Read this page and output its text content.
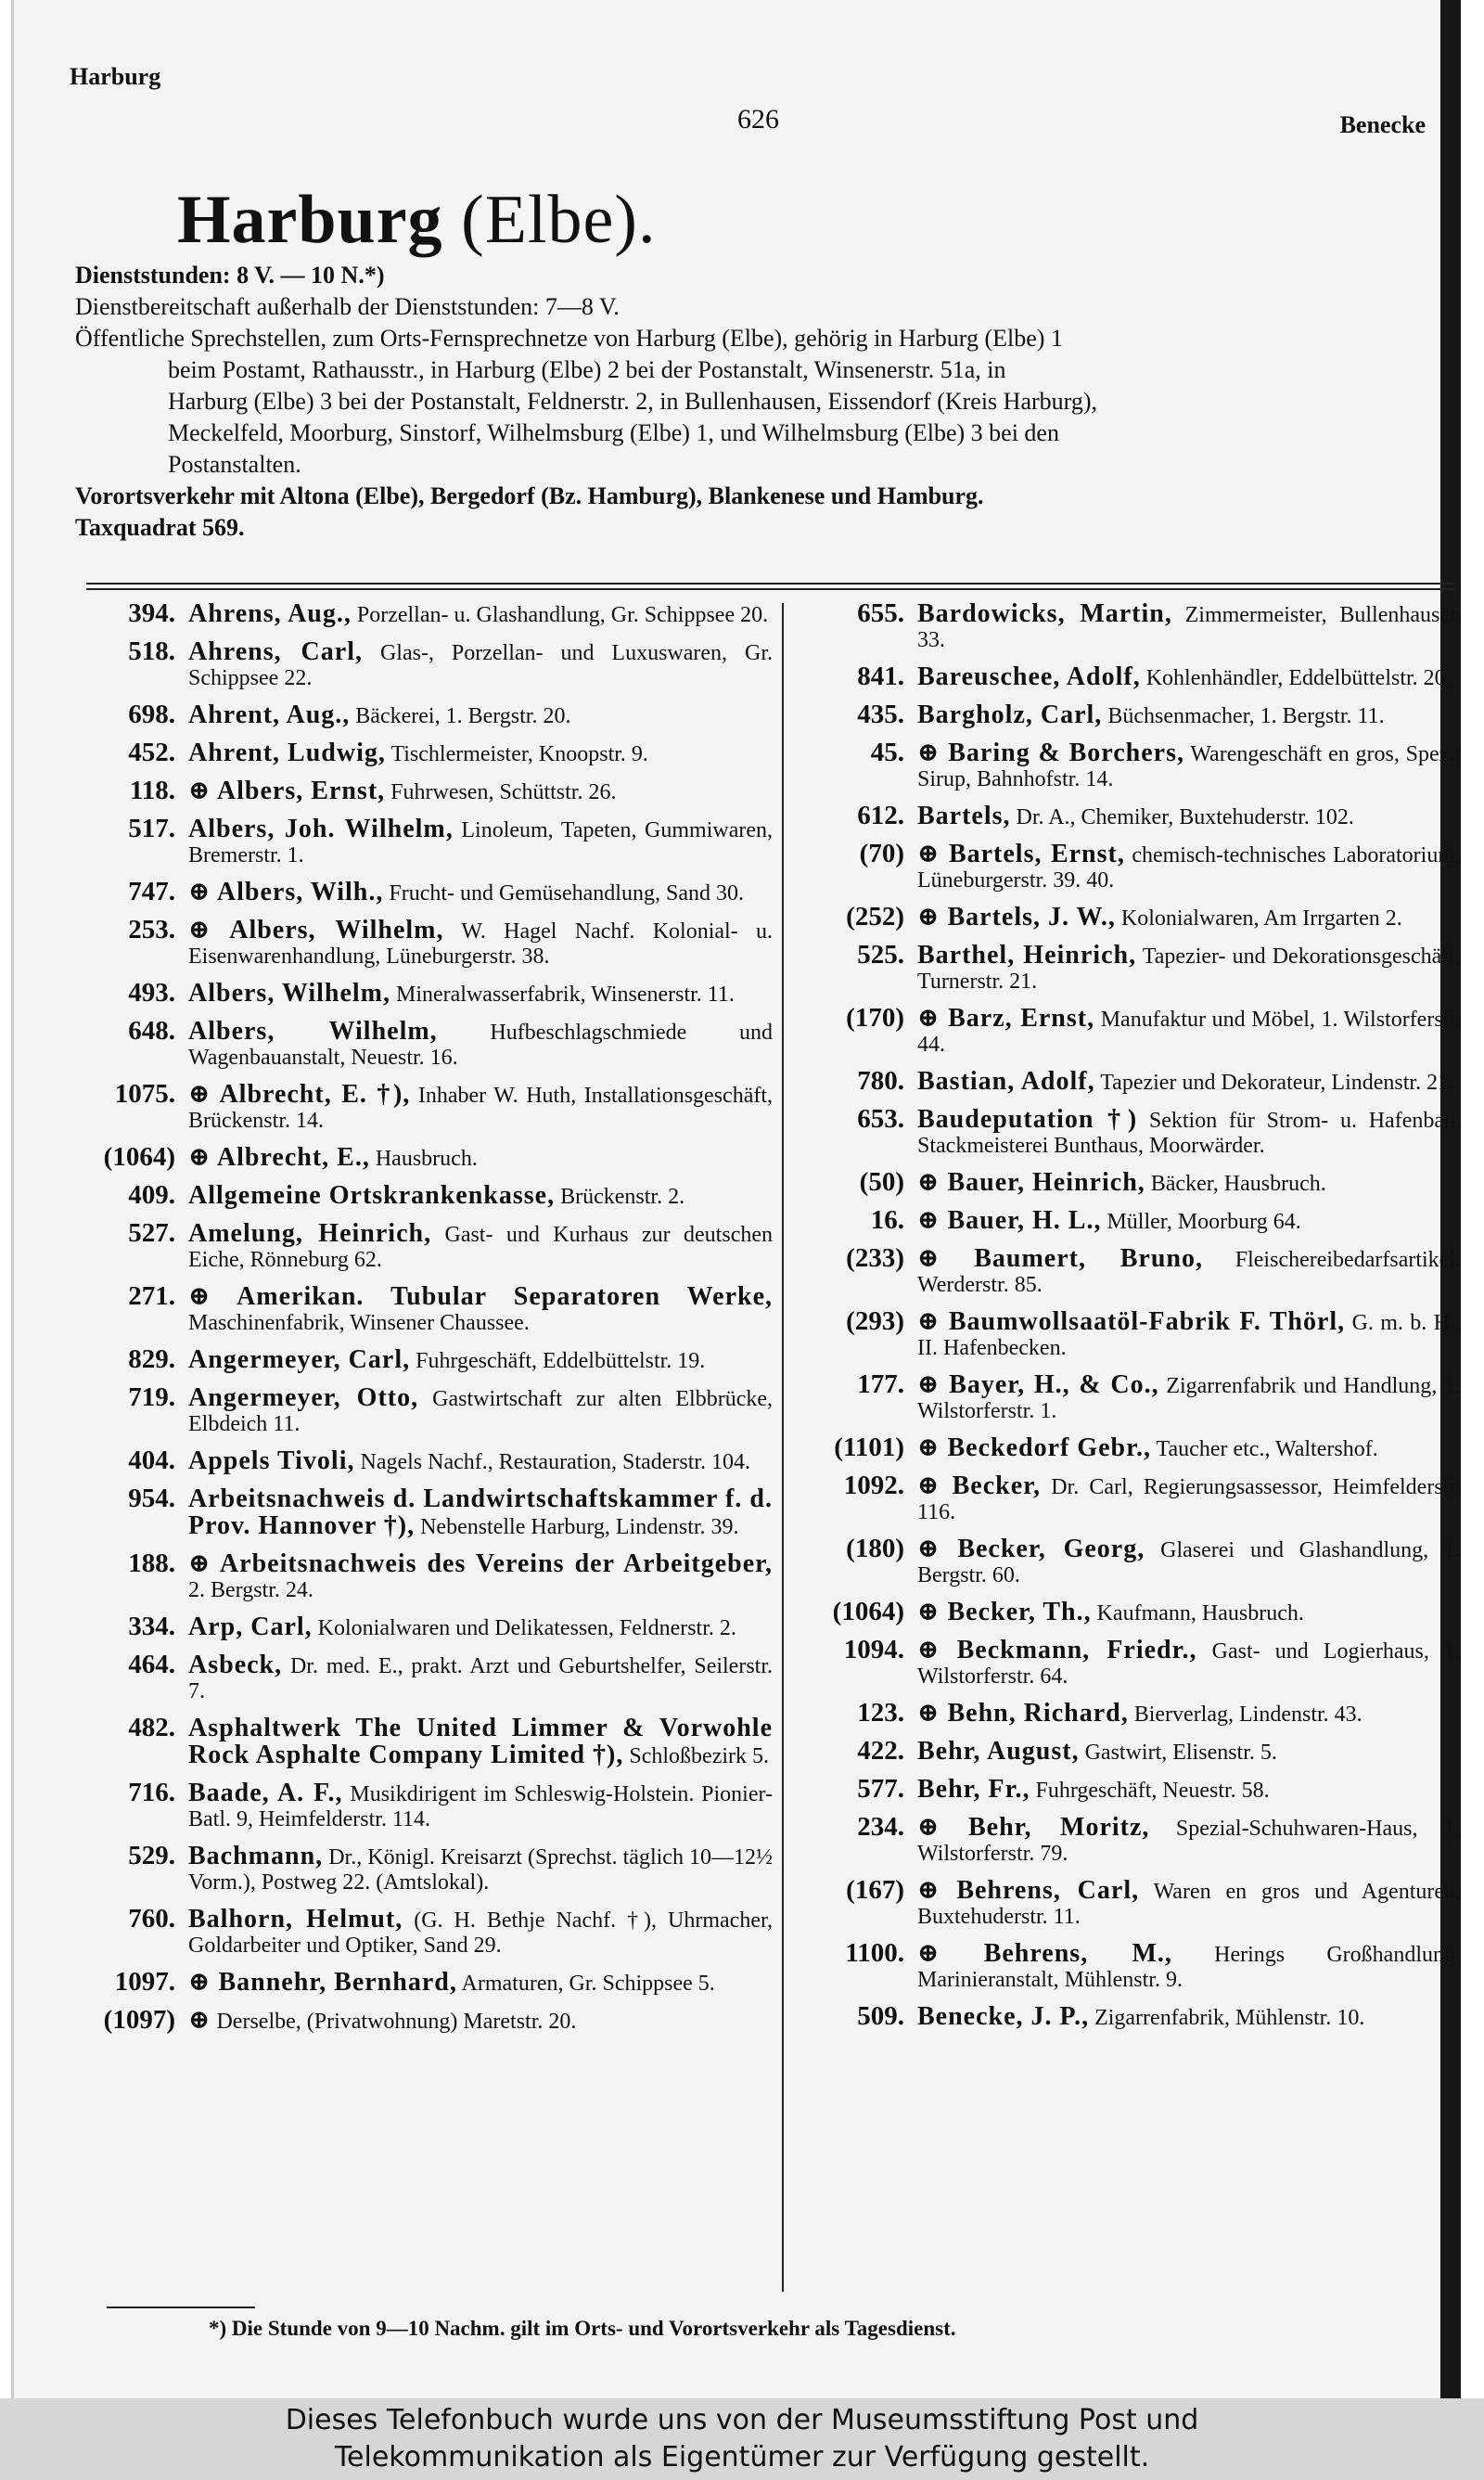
Harburg
626	Benecke
Harburg (Elbe).
Dienststunden: 8 V. — 10 N.*)
Dienstbereitschaft außerhalb der Dienststunden: 7—8 V.
Öffentliche Sprechstellen, zum Orts-Fernsprechnetze von Harburg (Elbe), gehörig in Harburg (Elbe) 1
beim Postamt, Rathausstr., in Harburg (Elbe) 2 bei der Postanstalt, Winsenerstr. 51a, in
Harburg (Elbe) 3 bei der Postanstalt, Feldnerstr. 2, in Bullenhausen, Eissendorf (Kreis Harburg),
Meckelfeld, Moorburg, Sinstorf, Wilhelmsburg (Elbe) 1, und Wilhelmsburg (Elbe) 3 bei den
Postanstalten.
Vorortsverkehr mit Altona (Elbe), Bergedorf (Bz. Hamburg), Blankenese und Hamburg.
Taxquadrat 569.
394. Ahrens, Aug., Porzellan- u. Glashandlung, Gr. Schippsee 20.
518. Ahrens, Carl, Glas-, Porzellan- und Luxuswaren, Gr. Schippsee 22.
698. Ahrent, Aug., Bäckerei, 1. Bergstr. 20.
452. Ahrent, Ludwig, Tischlermeister, Knoopstr. 9.
118. ⊕ Albers, Ernst, Fuhrwesen, Schüttstr. 26.
517. Albers, Joh. Wilhelm, Linoleum, Tapeten, Gummiwaren, Bremerstr. 1.
747. ⊕ Albers, Wilh., Frucht- und Gemüsehandlung, Sand 30.
253. ⊕ Albers, Wilhelm, W. Hagel Nachf. Kolonial- u. Eisenwarenhandlung, Lüneburgerstr. 38.
493. Albers, Wilhelm, Mineralwasserfabrik, Winsenerstr. 11.
648. Albers, Wilhelm, Hufbeschlagschmiede und Wagenbauanstalt, Neuestr. 16.
1075. ⊕ Albrecht, E. †), Inhaber W. Huth, Installationsgeschäft, Brückenstr. 14.
(1064) ⊕ Albrecht, E., Hausbruch.
409. Allgemeine Ortskrankenkasse, Brückenstr. 2.
527. Amelung, Heinrich, Gast- und Kurhaus zur deutschen Eiche, Rönneburg 62.
271. ⊕ Amerikan. Tubular Separatoren Werke, Maschinenfabrik, Winsener Chaussee.
829. Angermeyer, Carl, Fuhrgeschäft, Eddelbüttelstr. 19.
719. Angermeyer, Otto, Gastwirtschaft zur alten Elbbrücke, Elbdeich 11.
404. Appels Tivoli, Nagels Nachf., Restauration, Staderstr. 104.
954. Arbeitsnachweis d. Landwirtschaftskammer f. d. Prov. Hannover †), Nebenstelle Harburg, Lindenstr. 39.
188. ⊕ Arbeitsnachweis des Vereins der Arbeitgeber, 2. Bergstr. 24.
334. Arp, Carl, Kolonialwaren und Delikatessen, Feldnerstr. 2.
464. Asbeck, Dr. med. E., prakt. Arzt und Geburtshelfer, Seilerstr. 7.
482. Asphaltwerk The United Limmer & Vorwohle Rock Asphalte Company Limited †), Schloßbezirk 5.
716. Baade, A. F., Musikdirigent im Schleswig-Holstein. Pionier-Batl. 9, Heimfelderstr. 114.
529. Bachmann, Dr., Königl. Kreisarzt (Sprechst. täglich 10—12½ Vorm.), Postweg 22. (Amtslokal).
760. Balhorn, Helmut, (G. H. Bethje Nachf. †), Uhrmacher, Goldarbeiter und Optiker, Sand 29.
1097. ⊕ Bannehr, Bernhard, Armaturen, Gr. Schippsee 5.
(1097) ⊕ Derselbe, (Privatwohnung) Maretstr. 20.
655. Bardowicks, Martin, Zimmermeister, Bullenhausen 33.
841. Bareuschee, Adolf, Kohlenhändler, Eddelbüttelstr. 20.
435. Bargholz, Carl, Büchsenmacher, 1. Bergstr. 11.
45. ⊕ Baring & Borchers, Warengeschäft en gros, Spez.: Sirup, Bahnhofstr. 14.
612. Bartels, Dr. A., Chemiker, Buxtehuderstr. 102.
(70) ⊕ Bartels, Ernst, chemisch-technisches Laboratorium, Lüneburgerstr. 39. 40.
(252) ⊕ Bartels, J. W., Kolonialwaren, Am Irrgarten 2.
525. Barthel, Heinrich, Tapezier- und Dekorationsgeschäft, Turnerstr. 21.
(170) ⊕ Barz, Ernst, Manufaktur und Möbel, 1. Wilstorferstr. 44.
780. Bastian, Adolf, Tapezier und Dekorateur, Lindenstr. 21.
653. Baudeputation †) Sektion für Strom- u. Hafenbau, Stackmeisterei Bunthaus, Moorwärder.
(50) ⊕ Bauer, Heinrich, Bäcker, Hausbruch.
16. ⊕ Bauer, H. L., Müller, Moorburg 64.
(233) ⊕ Baumert, Bruno, Fleischereibedarfsartikel. Werderstr. 85.
(293) ⊕ Baumwollsaatöl-Fabrik F. Thörl, G. m. b. H., II. Hafenbecken.
177. ⊕ Bayer, H., & Co., Zigarrenfabrik und Handlung, 1. Wilstorferstr. 1.
(1101) ⊕ Beckedorf Gebr., Taucher etc., Waltershof.
1092. ⊕ Becker, Dr. Carl, Regierungsassessor, Heimfelderstr. 116.
(180) ⊕ Becker, Georg, Glaserei und Glashandlung, 1. Bergstr. 60.
(1064) ⊕ Becker, Th., Kaufmann, Hausbruch.
1094. ⊕ Beckmann, Friedr., Gast- und Logierhaus, 1. Wilstorferstr. 64.
123. ⊕ Behn, Richard, Bierverlag, Lindenstr. 43.
422. Behr, August, Gastwirt, Elisenstr. 5.
577. Behr, Fr., Fuhrgeschäft, Neuestr. 58.
234. ⊕ Behr, Moritz, Spezial-Schuhwaren-Haus, 1. Wilstorferstr. 79.
(167) ⊕ Behrens, Carl, Waren en gros und Agenturen, Buxtehuderstr. 11.
1100. ⊕ Behrens, M., Herings Großhandlung, Marinieranstalt, Mühlenstr. 9.
509. Benecke, J. P., Zigarrenfabrik, Mühlenstr. 10.
*) Die Stunde von 9—10 Nachm. gilt im Orts- und Vorortsverkehr als Tagesdienst.
Dieses Telefonbuch wurde uns von der Museumsstiftung Post und
Telekommunikation als Eigentümer zur Verfügung gestellt.
